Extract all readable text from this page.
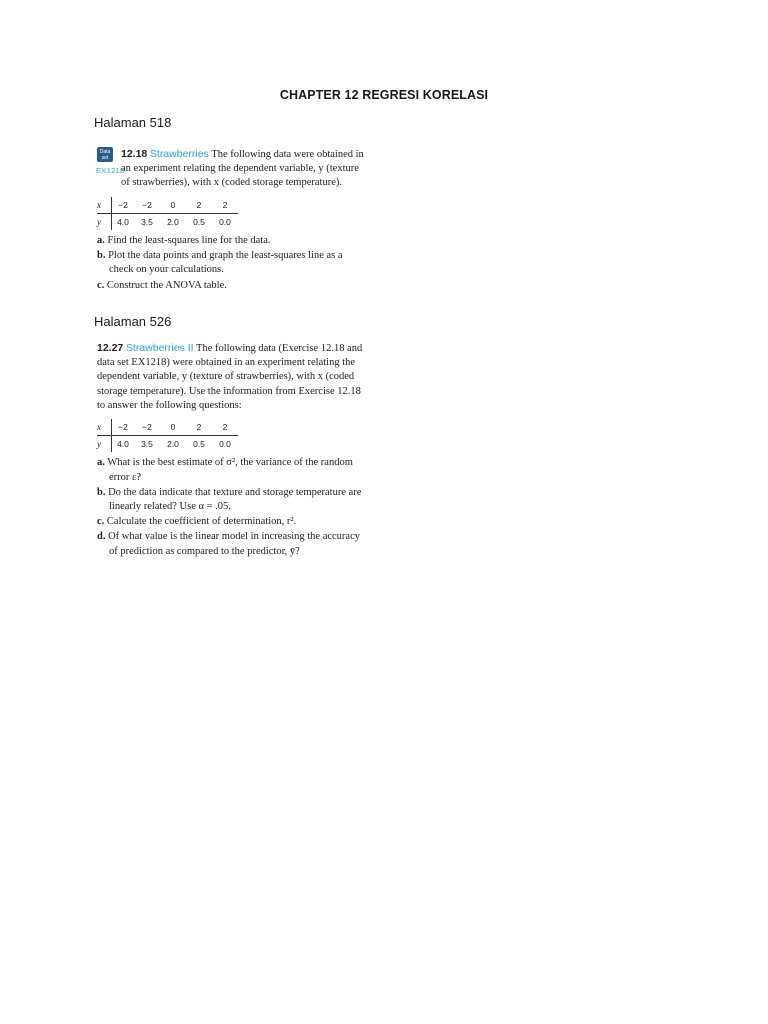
CHAPTER 12 REGRESI KORELASI
Halaman 518
Data set
EX1218
12.18 Strawberries The following data were obtained in an experiment relating the dependent variable, y (texture of strawberries), with x (coded storage temperature).
x	−2	−2	0	2	2
y	4.0	3.5	2.0	0.5	0.0
a. Find the least-squares line for the data.
b. Plot the data points and graph the least-squares line as a check on your calculations.
c. Construct the ANOVA table.
Halaman 526
12.27 Strawberries II The following data (Exercise 12.18 and data set EX1218) were obtained in an experiment relating the dependent variable, y (texture of strawberries), with x (coded storage temperature). Use the information from Exercise 12.18 to answer the following questions:
x	−2	−2	0	2	2
y	4.0	3.5	2.0	0.5	0.0
a. What is the best estimate of σ², the variance of the random error ε?
b. Do the data indicate that texture and storage temperature are linearly related? Use α = .05.
c. Calculate the coefficient of determination, r².
d. Of what value is the linear model in increasing the accuracy of prediction as compared to the predictor, ȳ?
